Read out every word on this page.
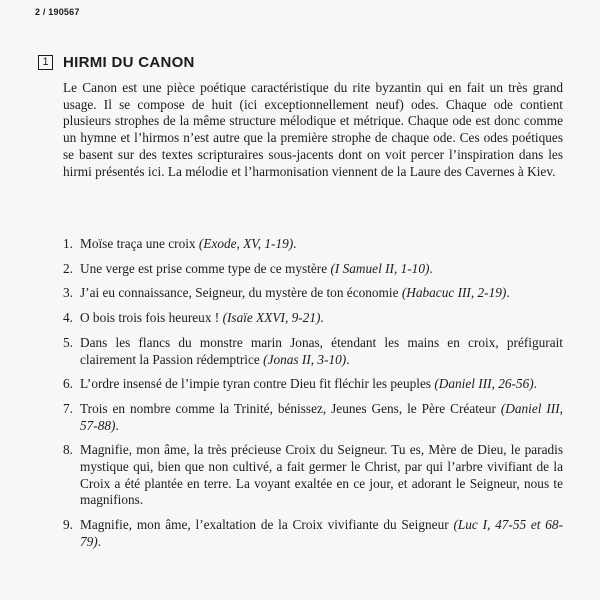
2 / 190567
1 HIRMI DU CANON

Le Canon est une pièce poétique caractéristique du rite byzantin qui en fait un très grand usage. Il se compose de huit (ici exceptionnellement neuf) odes. Chaque ode contient plusieurs strophes de la même structure mélodique et métrique. Chaque ode est donc comme un hymne et l’hirmos n’est autre que la première strophe de chaque ode. Ces odes poétiques se basent sur des textes scripturaires sous-jacents dont on voit percer l’inspiration dans les hirmi présentés ici. La mélodie et l’harmonisation viennent de la Laure des Cavernes à Kiev.

1. Moïse traça une croix (Exode, XV, 1-19).
2. Une verge est prise comme type de ce mystère (I Samuel II, 1-10).
3. J’ai eu connaissance, Seigneur, du mystère de ton économie (Habacuc III, 2-19).
4. O bois trois fois heureux ! (Isaïe XXVI, 9-21).
5. Dans les flancs du monstre marin Jonas, étendant les mains en croix, préfigurait clairement la Passion rédemptrice (Jonas II, 3-10).
6. L’ordre insensé de l’impie tyran contre Dieu fit fléchir les peuples (Daniel III, 26-56).
7. Trois en nombre comme la Trinité, bénissez, Jeunes Gens, le Père Créateur (Daniel III, 57-88).
8. Magnifie, mon âme, la très précieuse Croix du Seigneur. Tu es, Mère de Dieu, le paradis mystique qui, bien que non cultivé, a fait germer le Christ, par qui l’arbre vivifiant de la Croix a été plantée en terre. La voyant exaltée en ce jour, et adorant le Seigneur, nous te magnifions.
9. Magnifie, mon âme, l’exaltation de la Croix vivifiante du Seigneur (Luc I, 47-55 et 68-79).
